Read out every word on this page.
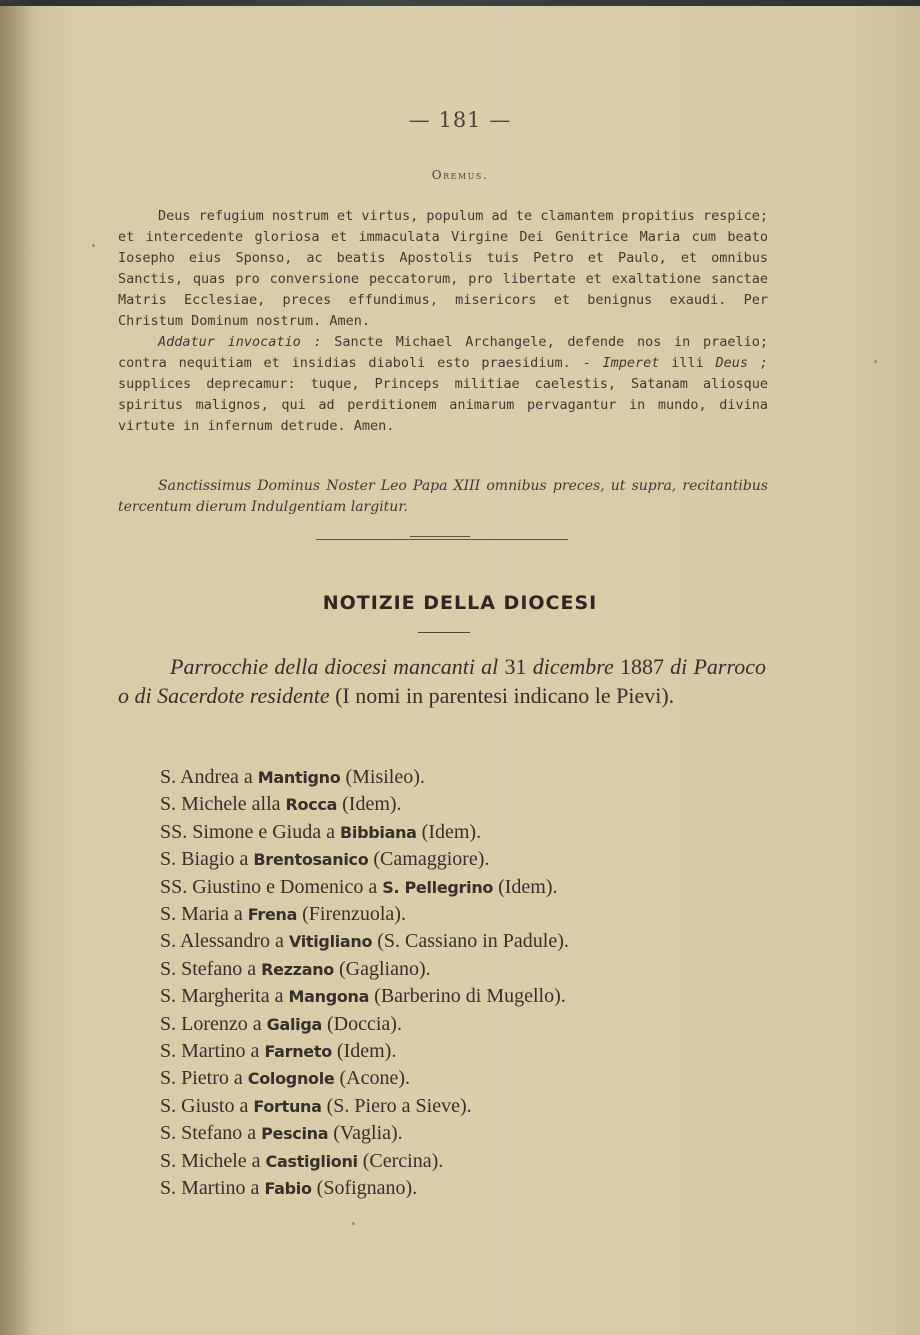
— 181 —
Oremus.

Deus refugium nostrum et virtus, populum ad te clamantem propitius respice; et intercedente gloriosa et immaculata Virgine Dei Genitrice Maria cum beato Iosepho eius Sponso, ac beatis Apostolis tuis Petro et Paulo, et omnibus Sanctis, quas pro conversione peccatorum, pro libertate et exaltatione sanctae Matris Ecclesiae, preces effundimus, misericors et benignus exaudi. Per Christum Dominum nostrum. Amen.

Addatur invocatio : Sancte Michael Archangele, defende nos in praelio; contra nequitiam et insidias diaboli esto praesidium. - Imperet illi Deus ; supplices deprecamur: tuque, Princeps militiae caelestis, Satanam aliosque spiritus malignos, qui ad perditionem animarum pervagantur in mundo, divina virtute in infernum detrude. Amen.

Sanctissimus Dominus Noster Leo Papa XIII omnibus preces, ut supra, recitantibus tercentum dierum Indulgentiam largitur.

NOTIZIE DELLA DIOCESI

Parrocchie della diocesi mancanti al 31 dicembre 1887 di Parroco o di Sacerdote residente (I nomi in parentesi indicano le Pievi).

S. Andrea a Mantigno (Misileo).
S. Michele alla Rocca (Idem).
SS. Simone e Giuda a Bibbiana (Idem).
S. Biagio a Brentosanico (Camaggiore).
SS. Giustino e Domenico a S. Pellegrino (Idem).
S. Maria a Frena (Firenzuola).
S. Alessandro a Vitigliano (S. Cassiano in Padule).
S. Stefano a Rezzano (Gagliano).
S. Margherita a Mangona (Barberino di Mugello).
S. Lorenzo a Galiga (Doccia).
S. Martino a Farneto (Idem).
S. Pietro a Colognole (Acone).
S. Giusto a Fortuna (S. Piero a Sieve).
S. Stefano a Pescina (Vaglia).
S. Michele a Castiglioni (Cercina).
S. Martino a Fabio (Sofignano).
